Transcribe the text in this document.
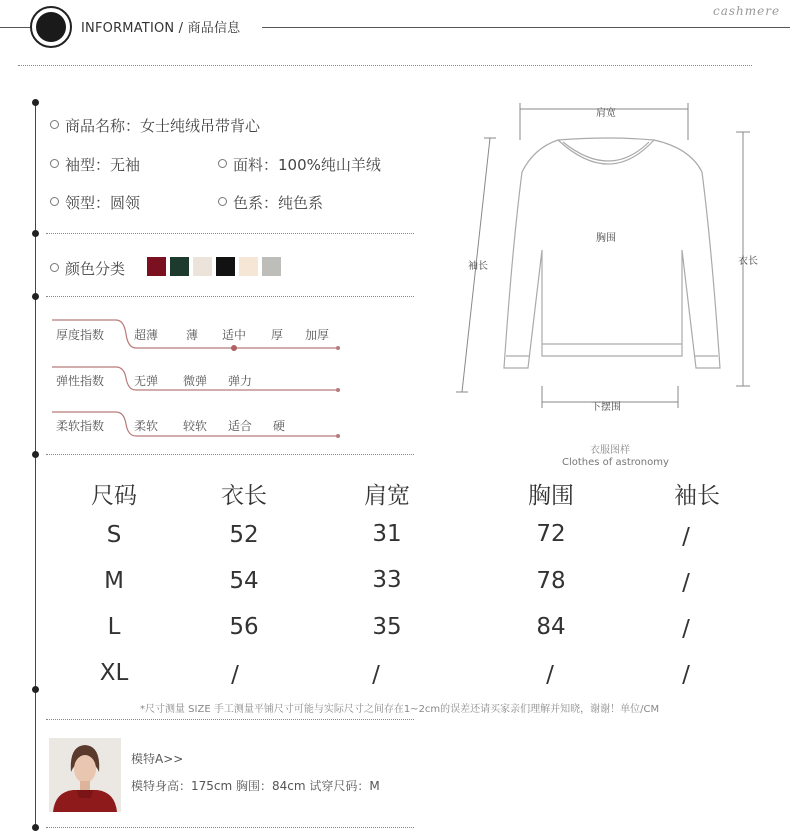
INFORMATION / 商品信息
cashmere
商品名称：女士纯绒吊带背心
袖型：无袖	面料：100%纯山羊绒
领型：圆领	色系：纯色系
颜色分类
厚度指数
弹性指数
柔软指数
超薄 薄 适中 厚 加厚
无弹 微弹 弹力
柔软 较软 适合 硬
肩宽
胸围
袖长	衣长
下摆围
衣服图样
Clothes of astronomy
尺码	衣长	肩宽	胸围	袖长
S	52	31	72	/
M	54	33	78	/
L	56	35	84	/
XL	/	/	/	/
*尺寸测量 SIZE 手工测量平铺尺寸可能与实际尺寸之间存在1~2cm的误差还请买家亲们理解并知晓，谢谢！单位/CM
模特A>>
模特身高：175cm 胸围：84cm 试穿尺码：M
